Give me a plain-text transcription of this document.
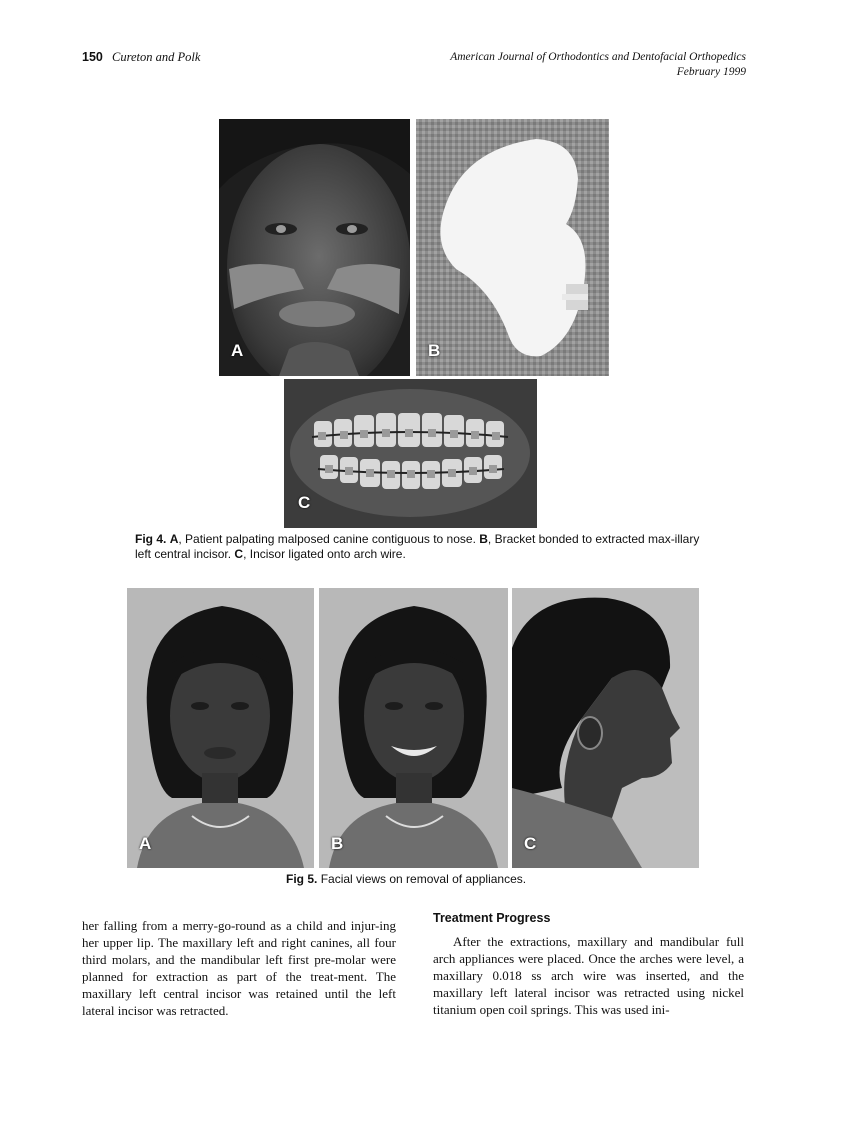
150 Cureton and Polk	American Journal of Orthodontics and Dentofacial Orthopedics
February 1999
A	B
C
Fig 4. A, Patient palpating malposed canine contiguous to nose. B, Bracket bonded to extracted max-illary left central incisor. C, Incisor ligated onto arch wire.
A	B	C
Fig 5. Facial views on removal of appliances.
her falling from a merry-go-round as a child and injur-ing her upper lip. The maxillary left and right canines, all four third molars, and the mandibular left first pre-molar were planned for extraction as part of the treat-ment. The maxillary left central incisor was retained until the left lateral incisor was retracted.
Treatment Progress
After the extractions, maxillary and mandibular full arch appliances were placed. Once the arches were level, a maxillary 0.018 ss arch wire was inserted, and the maxillary left lateral incisor was retracted using nickel titanium open coil springs. This was used ini-
